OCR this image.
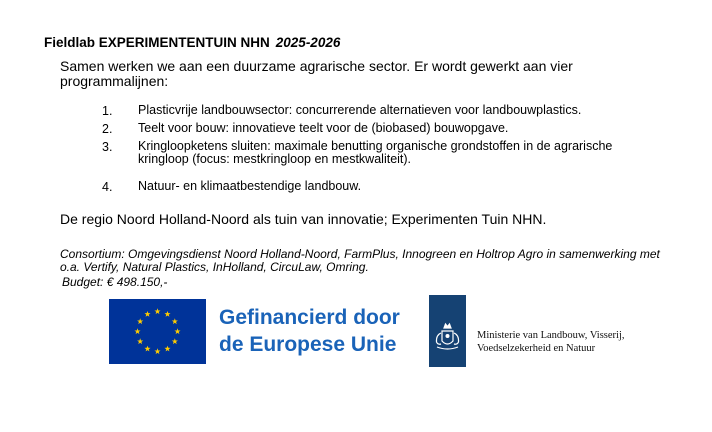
Fieldlab EXPERIMENTENTUIN NHN 2025-2026
Samen werken we aan een duurzame agrarische sector. Er wordt gewerkt aan vier programmalijnen:
1.	Plasticvrije landbouwsector: concurrerende alternatieven voor landbouwplastics.
2.	Teelt voor bouw: innovatieve teelt voor de (biobased) bouwopgave.
3.	Kringloopketens sluiten: maximale benutting organische grondstoffen in de agrarische kringloop (focus: mestkringloop en mestkwaliteit).
4.	Natuur- en klimaatbestendige landbouw.
De regio Noord Holland-Noord als tuin van innovatie; Experimenten Tuin NHN.
Consortium: Omgevingsdienst Noord Holland-Noord, FarmPlus, Innogreen en Holtrop Agro in samenwerking met o.a. Vertify, Natural Plastics, InHolland, CircuLaw, Omring.
Budget: € 498.150,-
Gefinancierd door
de Europese Unie	Ministerie van Landbouw, Visserij,
Voedselzekerheid en Natuur
